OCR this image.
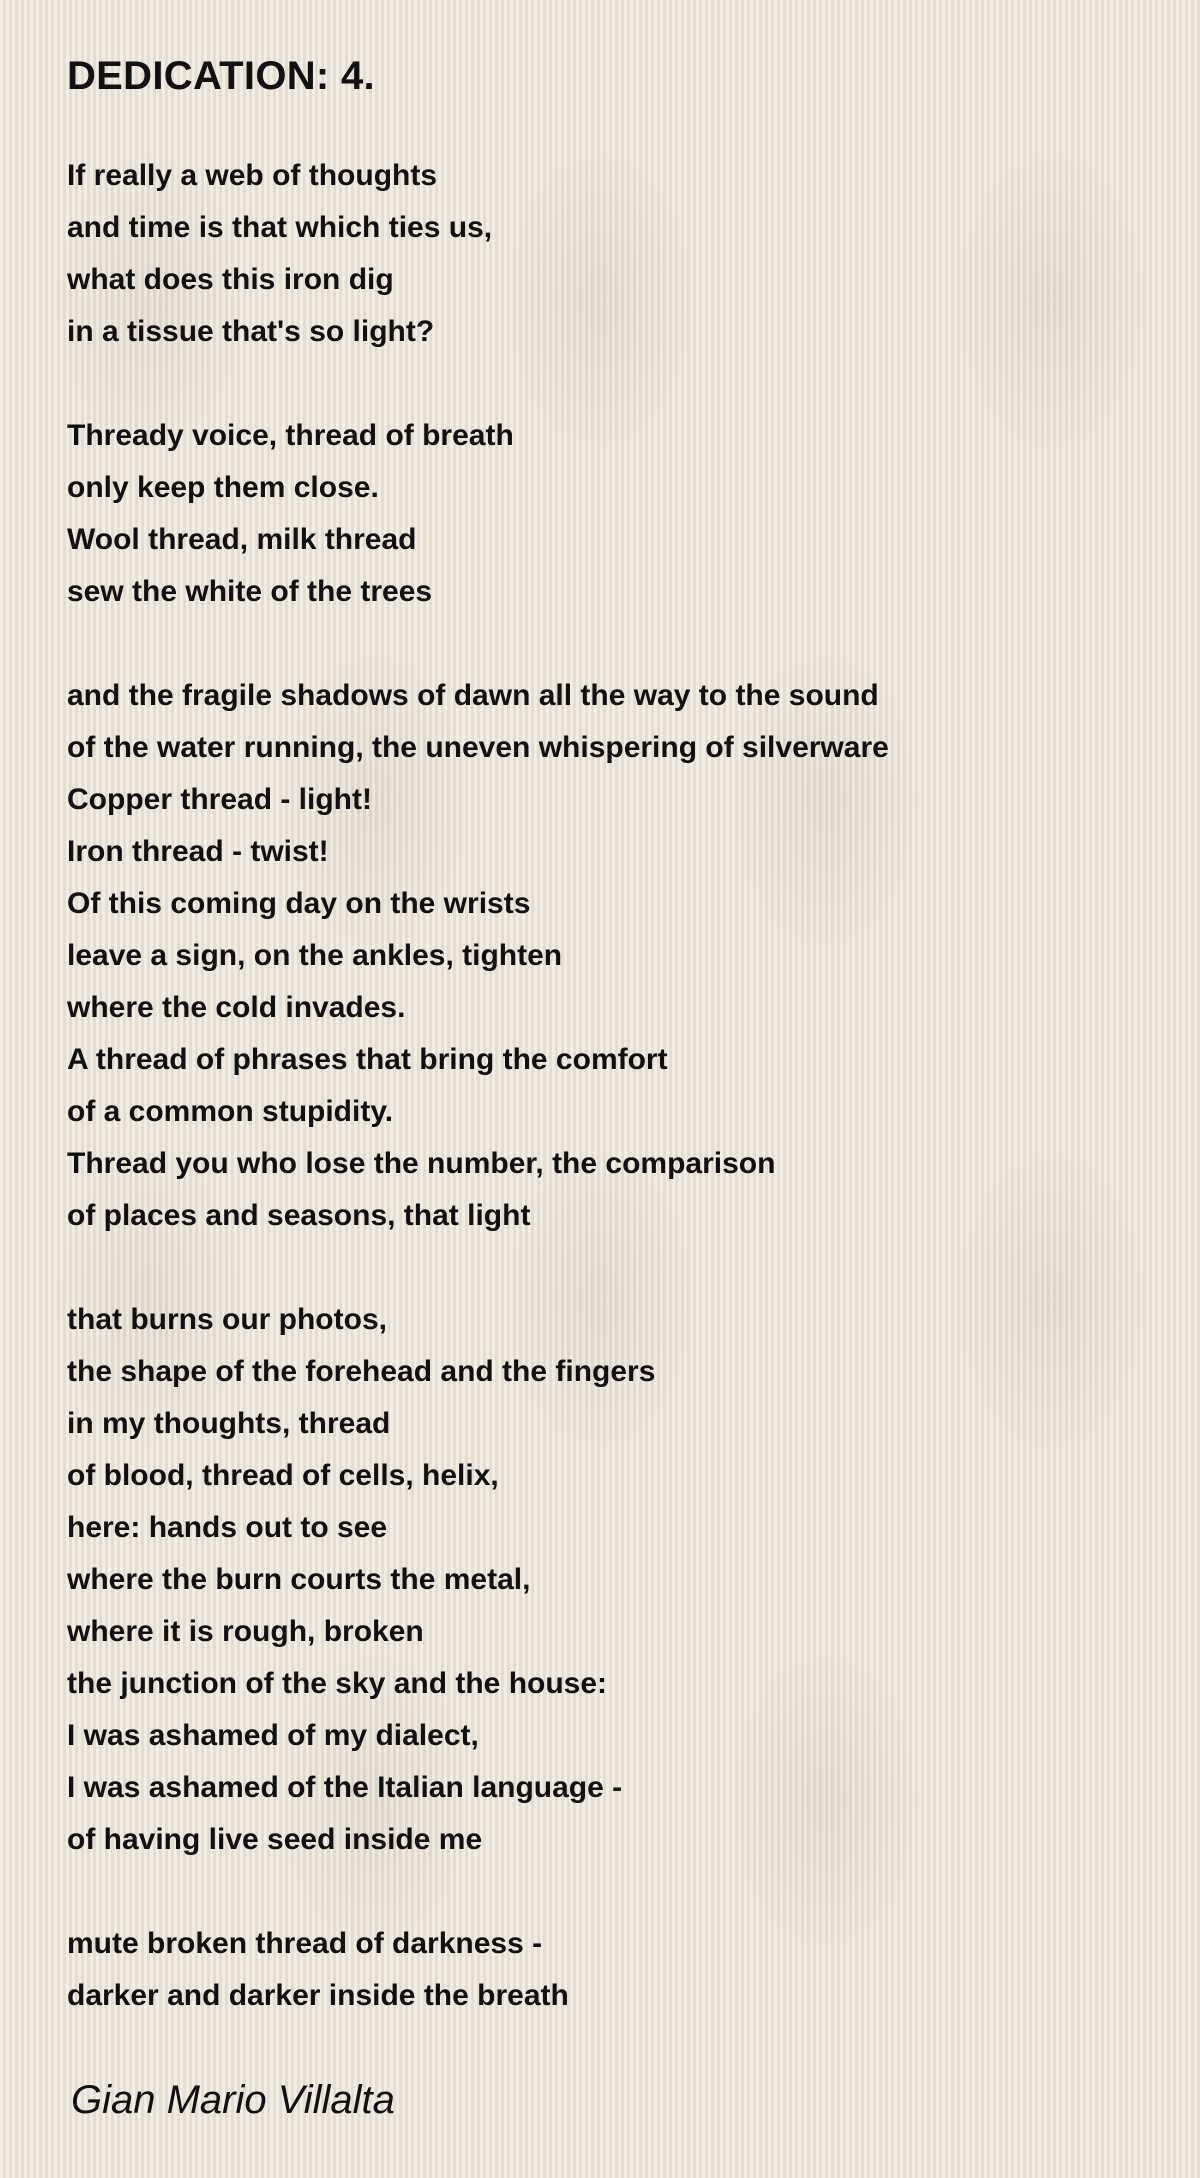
DEDICATION: 4.
If really a web of thoughts
and time is that which ties us,
what does this iron dig
in a tissue that's so light?
Thready voice, thread of breath
only keep them close.
Wool thread, milk thread
sew the white of the trees
and the fragile shadows of dawn all the way to the sound
of the water running, the uneven whispering of silverware
Copper thread - light!
Iron thread - twist!
Of this coming day on the wrists
leave a sign, on the ankles, tighten
where the cold invades.
A thread of phrases that bring the comfort
of a common stupidity.
Thread you who lose the number, the comparison
of places and seasons, that light
that burns our photos,
the shape of the forehead and the fingers
in my thoughts, thread
of blood, thread of cells, helix,
here: hands out to see
where the burn courts the metal,
where it is rough, broken
the junction of the sky and the house:
I was ashamed of my dialect,
I was ashamed of the Italian language -
of having live seed inside me
mute broken thread of darkness -
darker and darker inside the breath
Gian Mario Villalta
